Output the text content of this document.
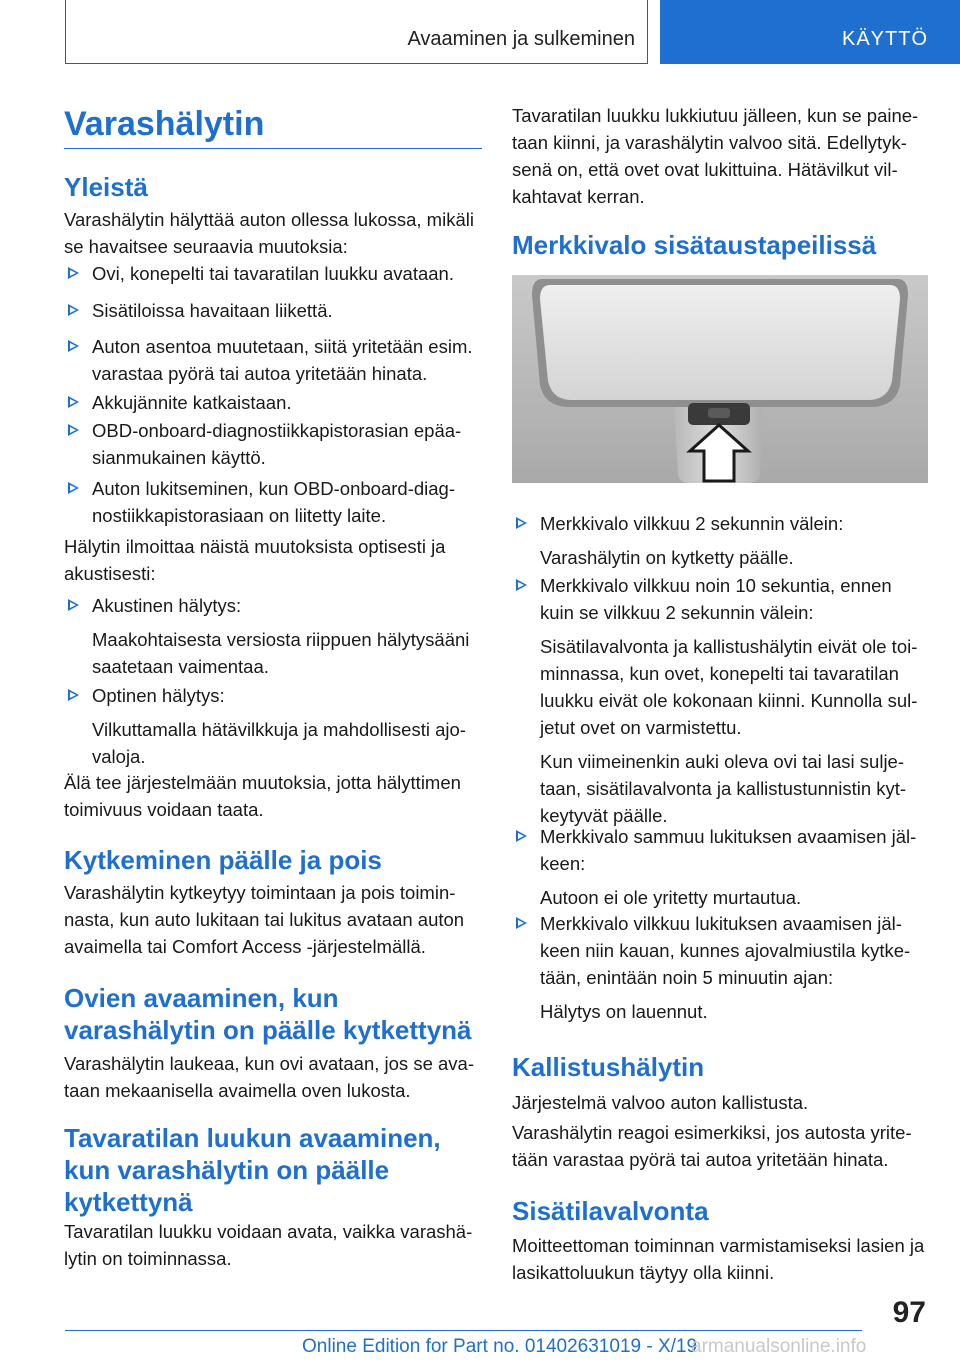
Avaaminen ja sulkeminen	KÄYTTÖ
Varashälytin
Yleistä

Varashälytin hälyttää auton ollessa lukossa, mikäli se havaitsee seuraavia muutoksia:

Ovi, konepelti tai tavaratilan luukku avataan.

Sisätiloissa havaitaan liikettä.

Auton asentoa muutetaan, siitä yritetään esim. varastaa pyörä tai autoa yritetään hinata.

Akkujännite katkaistaan.

OBD-onboard-diagnostiikkapistorasian epäa-sianmukainen käyttö.

Auton lukitseminen, kun OBD-onboard-diag-nostiikkapistorasiaan on liitetty laite.

Hälytin ilmoittaa näistä muutoksista optisesti ja akustisesti:

Akustinen hälytys:

Maakohtaisesta versiosta riippuen hälytysääni saatetaan vaimentaa.

Optinen hälytys:

Vilkuttamalla hätävilkkuja ja mahdollisesti ajo-valoja.

Älä tee järjestelmään muutoksia, jotta hälyttimen toimivuus voidaan taata.

Kytkeminen päälle ja pois

Varashälytin kytkeytyy toimintaan ja pois toimin-nasta, kun auto lukitaan tai lukitus avataan auton avaimella tai Comfort Access -järjestelmällä.

Ovien avaaminen, kun varashälytin on päälle kytkettynä

Varashälytin laukeaa, kun ovi avataan, jos se ava-taan mekaanisella avaimella oven lukosta.

Tavaratilan luukun avaaminen, kun varashälytin on päälle kytkettynä

Tavaratilan luukku voidaan avata, vaikka varashä-lytin on toiminnassa.

Tavaratilan luukku lukkiutuu jälleen, kun se paine-taan kiinni, ja varashälytin valvoo sitä. Edellytyk-senä on, että ovet ovat lukittuina. Hätävilkut vil-kahtavat kerran.

Merkkivalo sisätaustapeilissä

Merkkivalo vilkkuu 2 sekunnin välein:

Varashälytin on kytketty päälle.

Merkkivalo vilkkuu noin 10 sekuntia, ennen kuin se vilkkuu 2 sekunnin välein:

Sisätilavalvonta ja kallistushälytin eivät ole toi-minnassa, kun ovet, konepelti tai tavaratilan luukku eivät ole kokonaan kiinni. Kunnolla sul-jetut ovet on varmistettu.

Kun viimeinenkin auki oleva ovi tai lasi sulje-taan, sisätilavalvonta ja kallistustunnistin kyt-keytyvät päälle.

Merkkivalo sammuu lukituksen avaamisen jäl-keen:

Autoon ei ole yritetty murtautua.

Merkkivalo vilkkuu lukituksen avaamisen jäl-keen niin kauan, kunnes ajovalmiustila kytke-tään, enintään noin 5 minuutin ajan:

Hälytys on lauennut.

Kallistushälytin

Järjestelmä valvoo auton kallistusta.

Varashälytin reagoi esimerkiksi, jos autosta yrite-tään varastaa pyörä tai autoa yritetään hinata.

Sisätilavalvonta

Moitteettoman toiminnan varmistamiseksi lasien ja lasikattoluukun täytyy olla kiinni.

97
Online Edition for Part no. 01402631019 - X/19
armanualsonline.info
